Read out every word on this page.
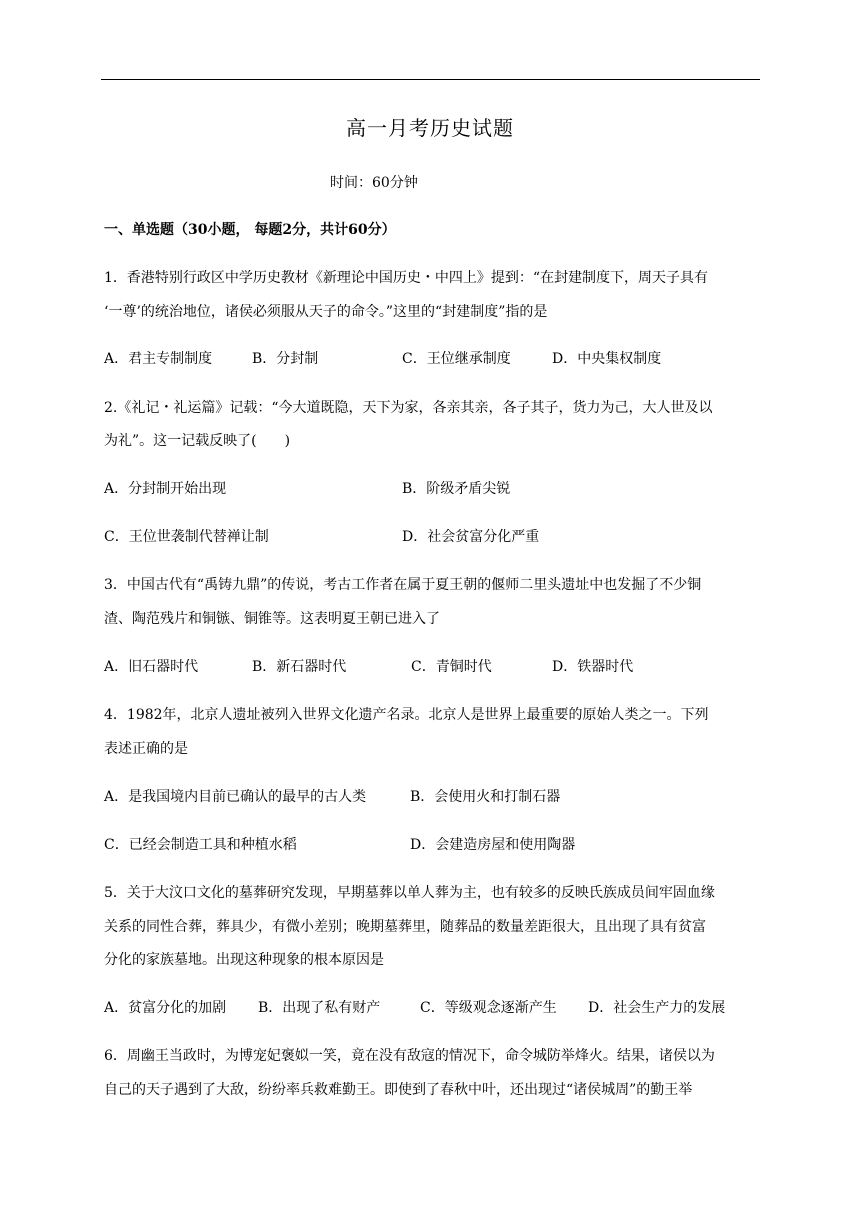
高一月考历史试题
时间：60分钟
一、单选题（30小题， 每题2分，共计60分）
1．香港特别行政区中学历史教材《新理论中国历史・中四上》提到：“在封建制度下，周天子具有
‘一尊’的统治地位，诸侯必须服从天子的命令。”这里的“封建制度”指的是
A．君主专制制度	B．分封制	C．王位继承制度	D．中央集权制度
2.《礼记・礼运篇》记载：“今大道既隐，天下为家，各亲其亲，各子其子，货力为己，大人世及以
为礼”。这一记载反映了(　　)
A．分封制开始出现	B．阶级矛盾尖锐
C．王位世袭制代替禅让制	D．社会贫富分化严重
3．中国古代有“禹铸九鼎”的传说，考古工作者在属于夏王朝的偃师二里头遗址中也发掘了不少铜
渣、陶范残片和铜镞、铜锥等。这表明夏王朝已进入了
A．旧石器时代	B．新石器时代	C．青铜时代	D．铁器时代
4．1982年，北京人遗址被列入世界文化遗产名录。北京人是世界上最重要的原始人类之一。下列
表述正确的是
A．是我国境内目前已确认的最早的古人类	B．会使用火和打制石器
C．已经会制造工具和种植水稻	D．会建造房屋和使用陶器
5．关于大汶口文化的墓葬研究发现，早期墓葬以单人葬为主，也有较多的反映氏族成员间牢固血缘
关系的同性合葬，葬具少，有微小差别；晚期墓葬里，随葬品的数量差距很大，且出现了具有贫富
分化的家族墓地。出现这种现象的根本原因是
A．贫富分化的加剧 B．出现了私有财产	C．等级观念逐渐产生 D．社会生产力的发展
6．周幽王当政时，为博宠妃褒姒一笑，竟在没有敌寇的情况下，命令城防举烽火。结果，诸侯以为
自己的天子遇到了大敌，纷纷率兵救难勤王。即使到了春秋中叶，还出现过“诸侯城周”的勤王举
